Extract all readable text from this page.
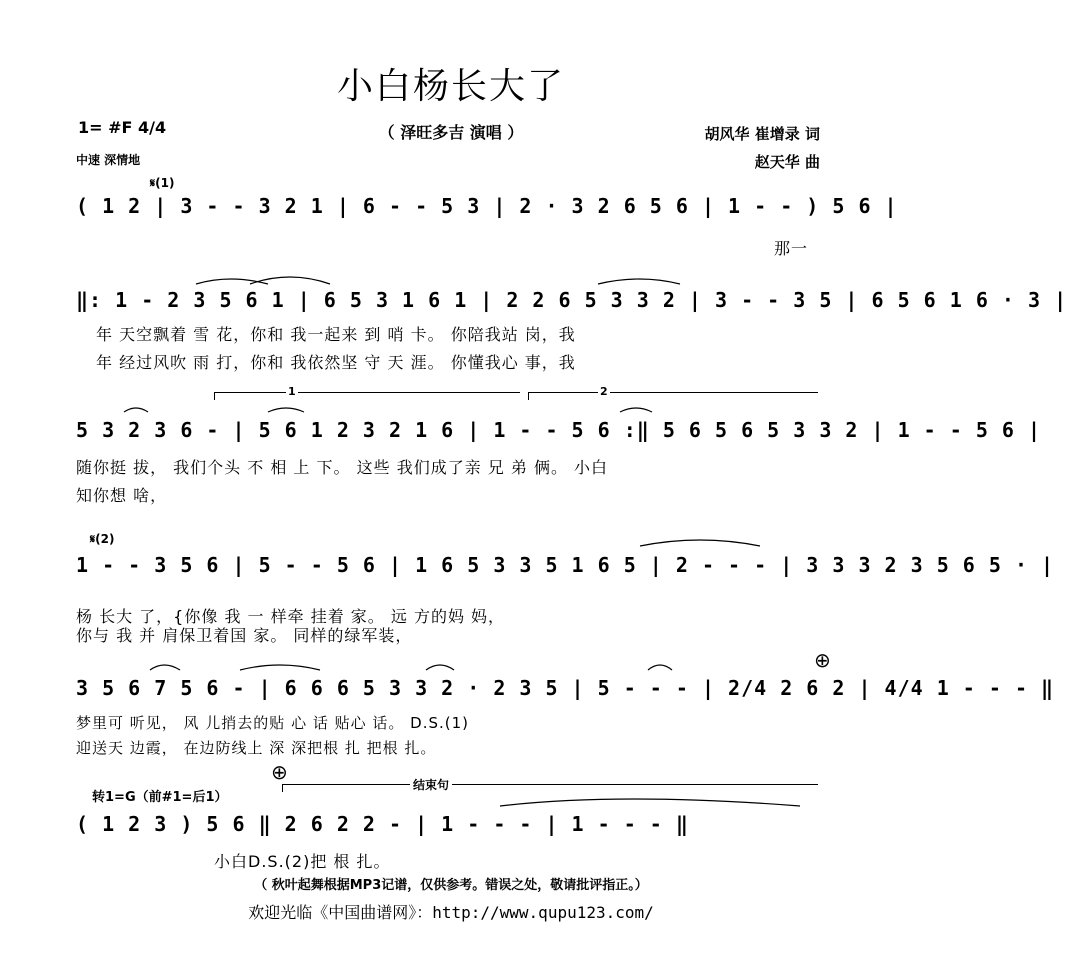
小白杨长大了
（ 泽旺多吉 演唱 ）
1= #F 4/4
中速 深情地
胡风华 崔增录 词
赵天华 曲
𝄋(1)
( 1 2 | 3 - - 3 2 1 | 6 - - 5 3 | 2 · 3 2 6 5 6 | 1 - - ) 5 6 |
那一
‖: 1 - 2 3 5 6 1 | 6 5 3 1 6 1 | 2 2 6 5 3 3 2 | 3 - - 3 5 | 6 5 6 1 6 · 3 |
年 天空飘着 雪 花，你和 我一起来 到 哨 卡。 你陪我站 岗，我
年 经过风吹 雨 打，你和 我依然坚 守 天 涯。 你懂我心 事，我
1	2
5 3 2 3 6 - | 5 6 1 2 3 2 1 6 | 1 - - 5 6 :‖ 5 6 5 6 5 3 3 2 | 1 - - 5 6 |
随你挺 拔， 我们个头 不 相 上 下。 这些 我们成了亲 兄 弟 俩。 小白
知你想 啥，
𝄋(2)
1 - - 3 5 6 | 5 - - 5 6 | 1 6 5 3 3 5 1 6 5 | 2 - - - | 3 3 3 2 3 5 6 5 · |
杨 长大 了，{你像 我 一 样牵 挂着 家。 远 方的妈 妈，
你与 我 并 肩保卫着国 家。 同样的绿军装，
⊕
3 5 6 7 5 6 - | 6 6 6 5 3 3 2 · 2 3 5 | 5 - - - | 2/4 2 6 2 | 4/4 1 - - - ‖
梦里可 听见， 风 儿捎去的贴 心 话 贴心 话。 D.S.(1)
迎送天 边霞， 在边防线上 深 深把根 扎 把根 扎。
⊕
转1=G（前#1=后1）
结束句
( 1 2 3 ) 5 6 ‖ 2 6 2 2 - | 1 - - - | 1 - - - ‖
小白D.S.(2)把 根 扎。
（ 秋叶起舞根据MP3记谱，仅供参考。错误之处，敬请批评指正。）
欢迎光临《中国曲谱网》：http://www.qupu123.com/
